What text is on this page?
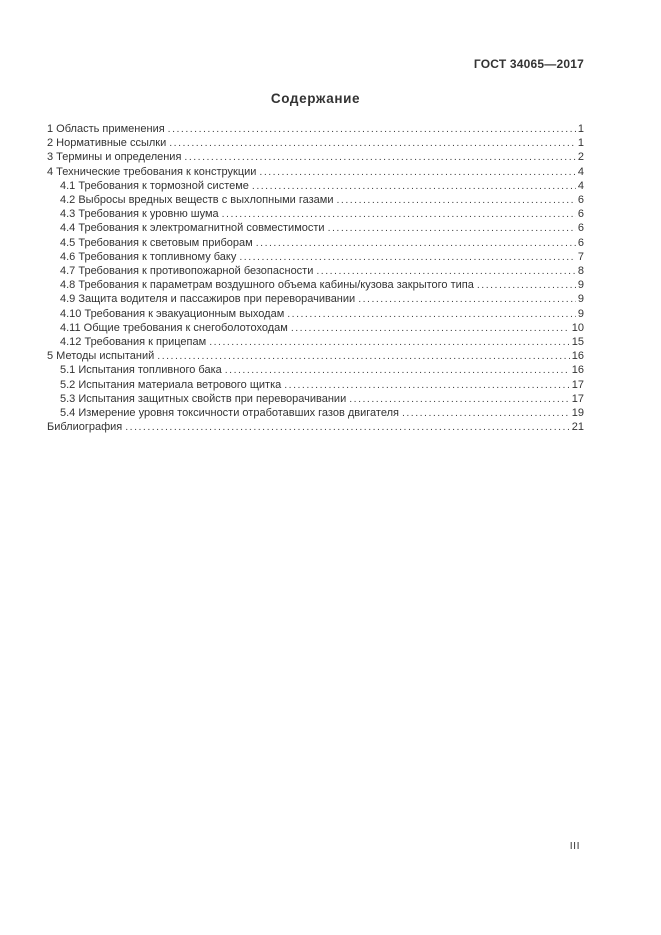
ГОСТ 34065—2017
Содержание
1 Область применения .....	1
2 Нормативные ссылки .....	1
3 Термины и определения .....	2
4 Технические требования к конструкции .....	4
4.1 Требования к тормозной системе .....	4
4.2 Выбросы вредных веществ с выхлопными газами .....	6
4.3 Требования к уровню шума .....	6
4.4 Требования к электромагнитной совместимости .....	6
4.5 Требования к световым приборам .....	6
4.6 Требования к топливному баку .....	7
4.7 Требования к противопожарной безопасности .....	8
4.8 Требования к параметрам воздушного объема кабины/кузова закрытого типа .....	9
4.9 Защита водителя и пассажиров при переворачивании .....	9
4.10 Требования к эвакуационным выходам .....	9
4.11 Общие требования к снегоболотоходам .....	10
4.12 Требования к прицепам .....	15
5 Методы испытаний .....	16
5.1 Испытания топливного бака .....	16
5.2 Испытания материала ветрового щитка .....	17
5.3 Испытания защитных свойств при переворачивании .....	17
5.4 Измерение уровня токсичности отработавших газов двигателя .....	19
Библиография .....	21
III
